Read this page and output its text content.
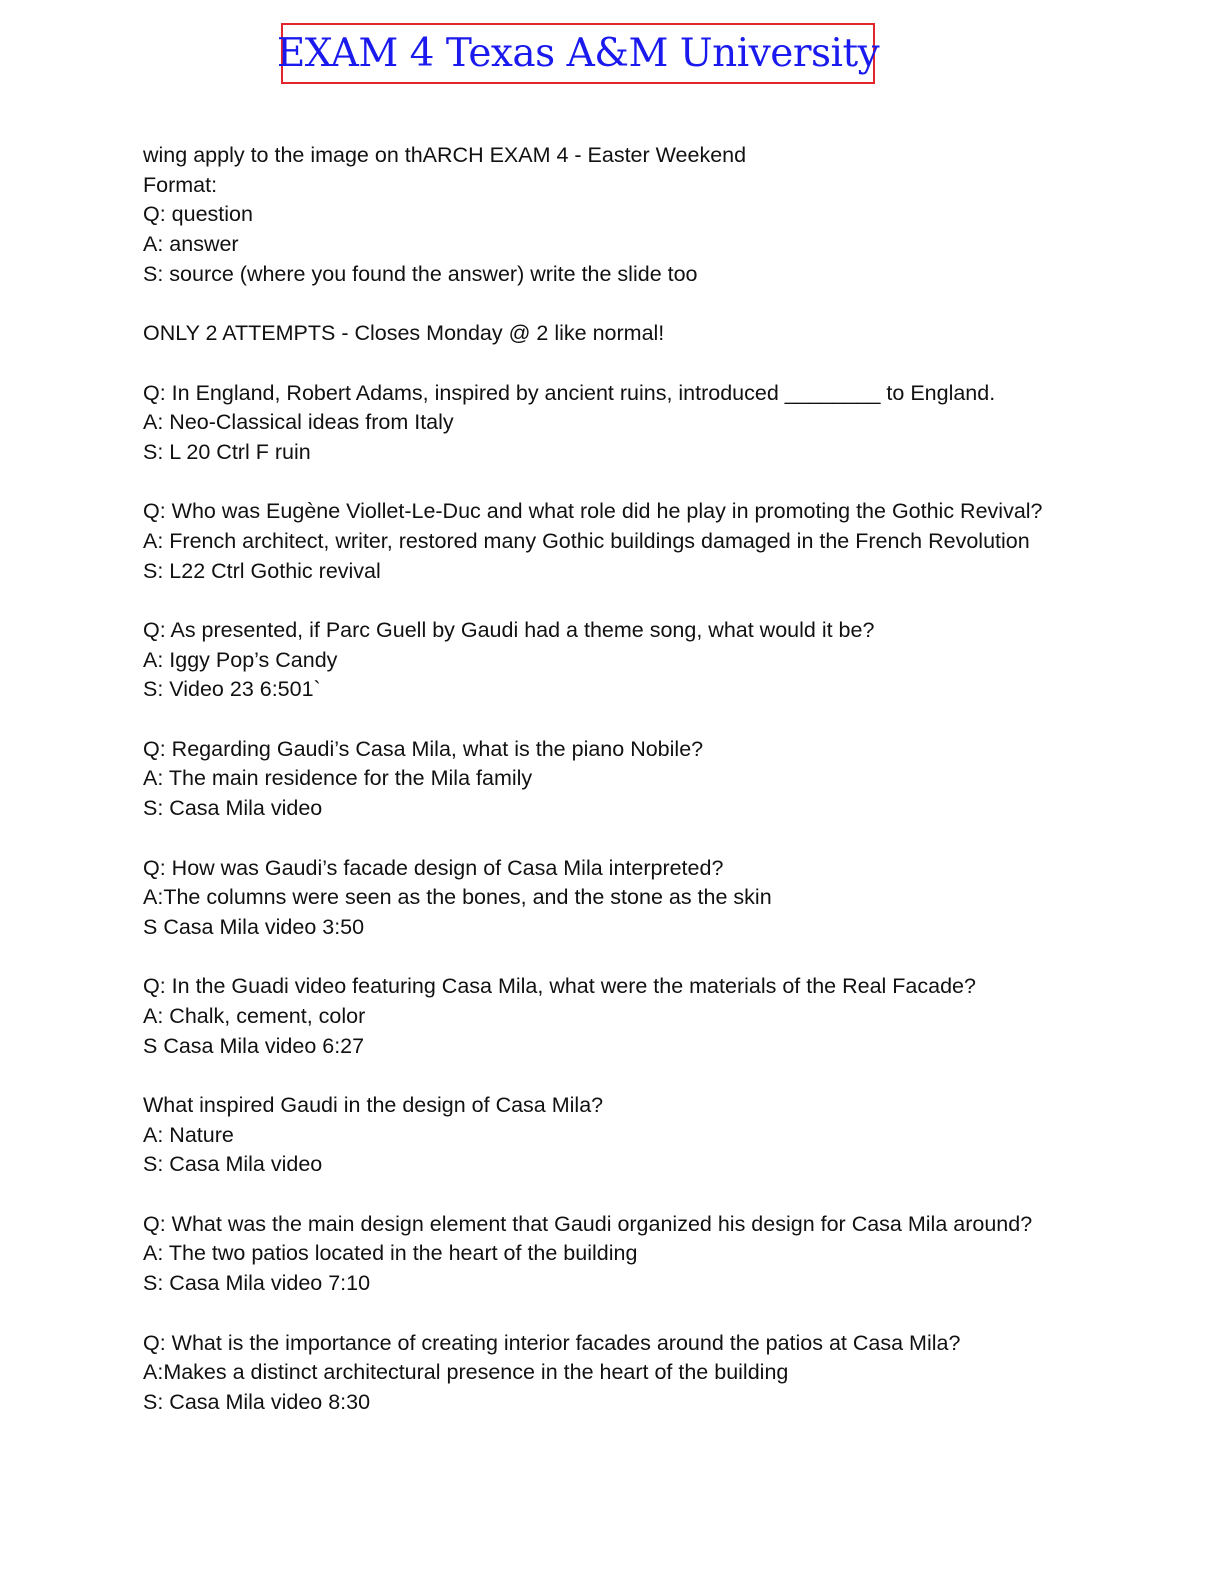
EXAM 4 Texas A&M University
wing apply to the image on thARCH EXAM 4 - Easter Weekend
Format:
Q: question
A: answer
S: source (where you found the answer) write the slide too
ONLY 2 ATTEMPTS - Closes Monday @ 2 like normal!
Q: In England, Robert Adams, inspired by ancient ruins, introduced ________ to England.
A: Neo-Classical ideas from Italy
S: L 20 Ctrl F ruin
Q: Who was Eugène Viollet-Le-Duc and what role did he play in promoting the Gothic Revival?
A: French architect, writer, restored many Gothic buildings damaged in the French Revolution
S: L22 Ctrl Gothic revival
Q: As presented, if Parc Guell by Gaudi had a theme song, what would it be?
A: Iggy Pop’s Candy
S: Video 23 6:501`
Q: Regarding Gaudi’s Casa Mila, what is the piano Nobile?
A: The main residence for the Mila family
S: Casa Mila video
Q: How was Gaudi’s facade design of Casa Mila interpreted?
A:The columns were seen as the bones, and the stone as the skin
S Casa Mila video 3:50
Q: In the Guadi video featuring Casa Mila, what were the materials of the Real Facade?
A: Chalk, cement, color
S Casa Mila video 6:27
What inspired Gaudi in the design of Casa Mila?
A: Nature
S: Casa Mila video
Q: What was the main design element that Gaudi organized his design for Casa Mila around?
A: The two patios located in the heart of the building
S: Casa Mila video 7:10
Q: What is the importance of creating interior facades around the patios at Casa Mila?
A:Makes a distinct architectural presence in the heart of the building
S: Casa Mila video 8:30
